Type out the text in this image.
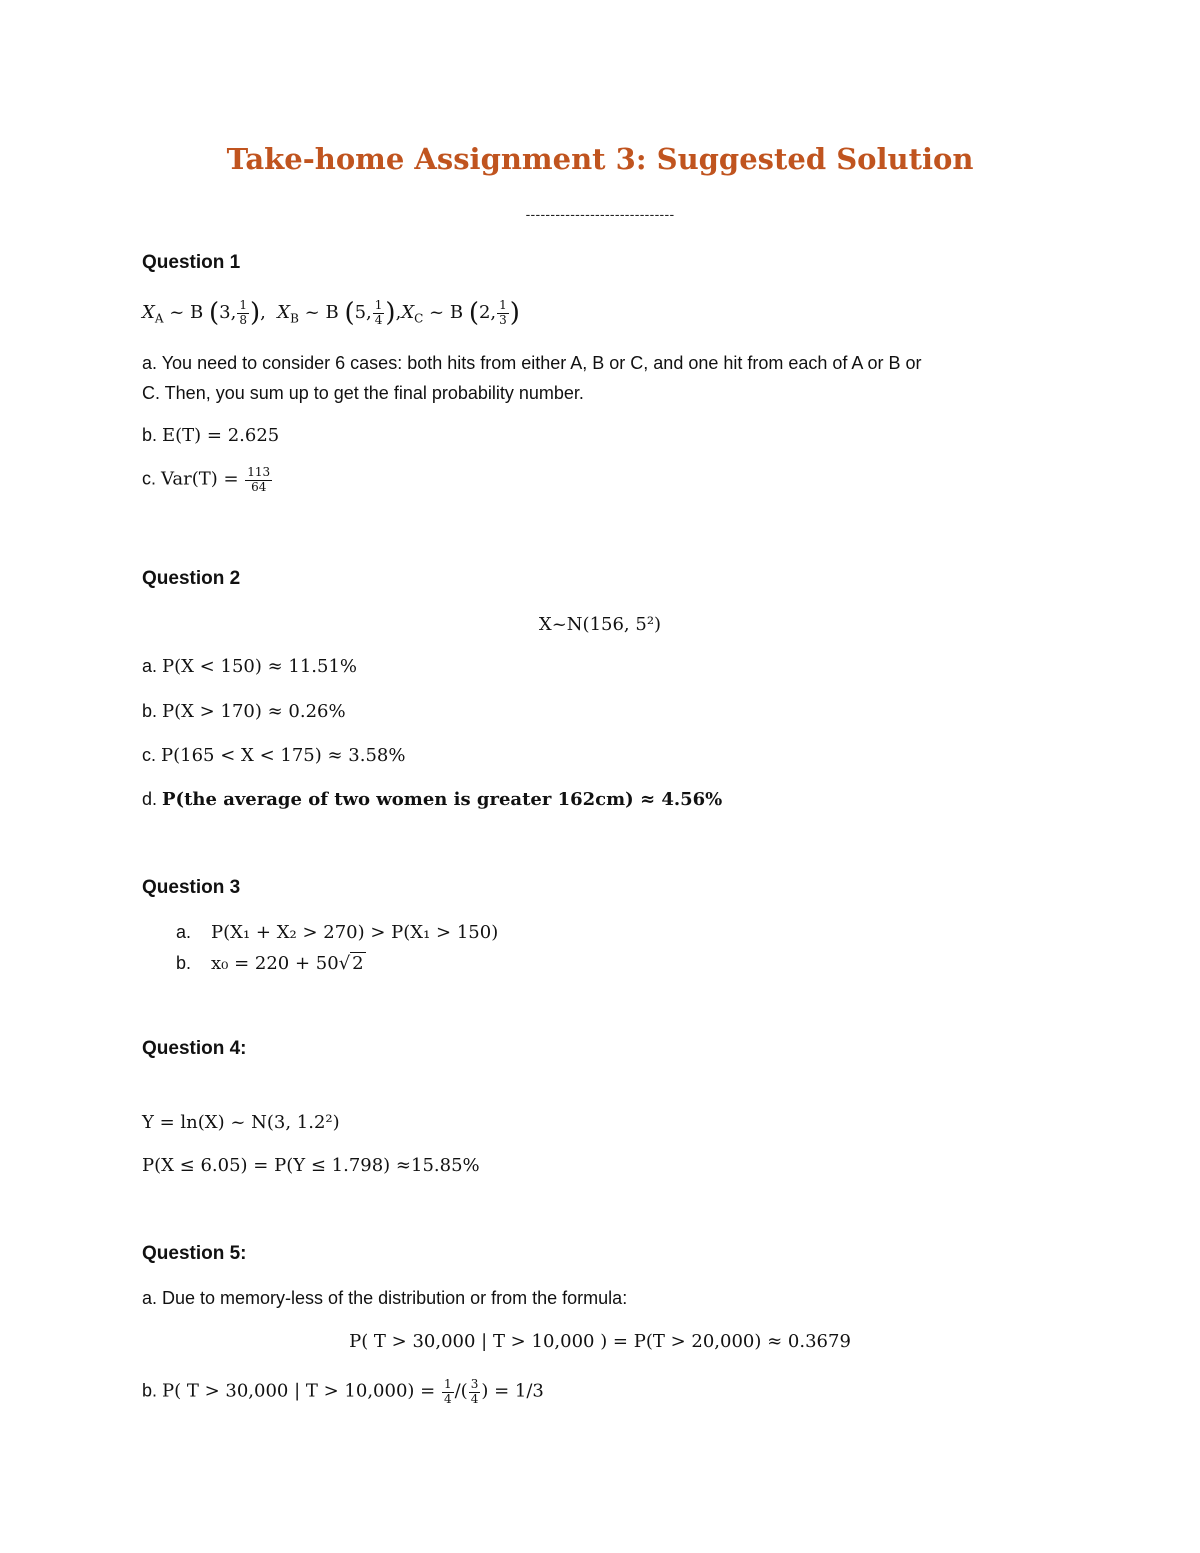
Take-home Assignment 3: Suggested Solution
------------------------------
Question 1
$X_A$ ~ B (3, $\frac{1}{8}$ ),  $X_B$ ~ B (5, $\frac{1}{4} ),X_C$ ~ B (2, $\frac{1}{3}$ )
a. You need to consider 6 cases: both hits from either A, B or C, and one hit from each of A or B or
C. Then, you sum up to get the final probability number.
b. E(T) = 2.625
c. $Var(T) = \frac{113}{64}$
Question 2
X~N(156, 5²)
a. P(X < 150) ≈ 11.51%
b. P(X > 170) ≈ 0.26%
c. P(165 < X < 175) ≈ 3.58%
d. P(the average of two women is greater 162cm) ≈ 4.56%
Question 3
a. P(X₁ + X₂ > 270) > P(X₁ > 150)
b. x₀ = 220 + 50√ 2
Question 4:
Y = ln(X) ~ N(3, 1.2²)
P(X ≤ 6.05) = P(Y ≤ 1.798) ≈15.85%
Question 5:
a. Due to memory-less of the distribution or from the formula:
P( T > 30,000 | T > 10,000 ) = P(T > 20,000) ≈ 0.3679
b. P( T > 30,000 | $T > 10,000) = \frac{1}{4}$ /( $\frac{3}{4}$ ) = 1/3
